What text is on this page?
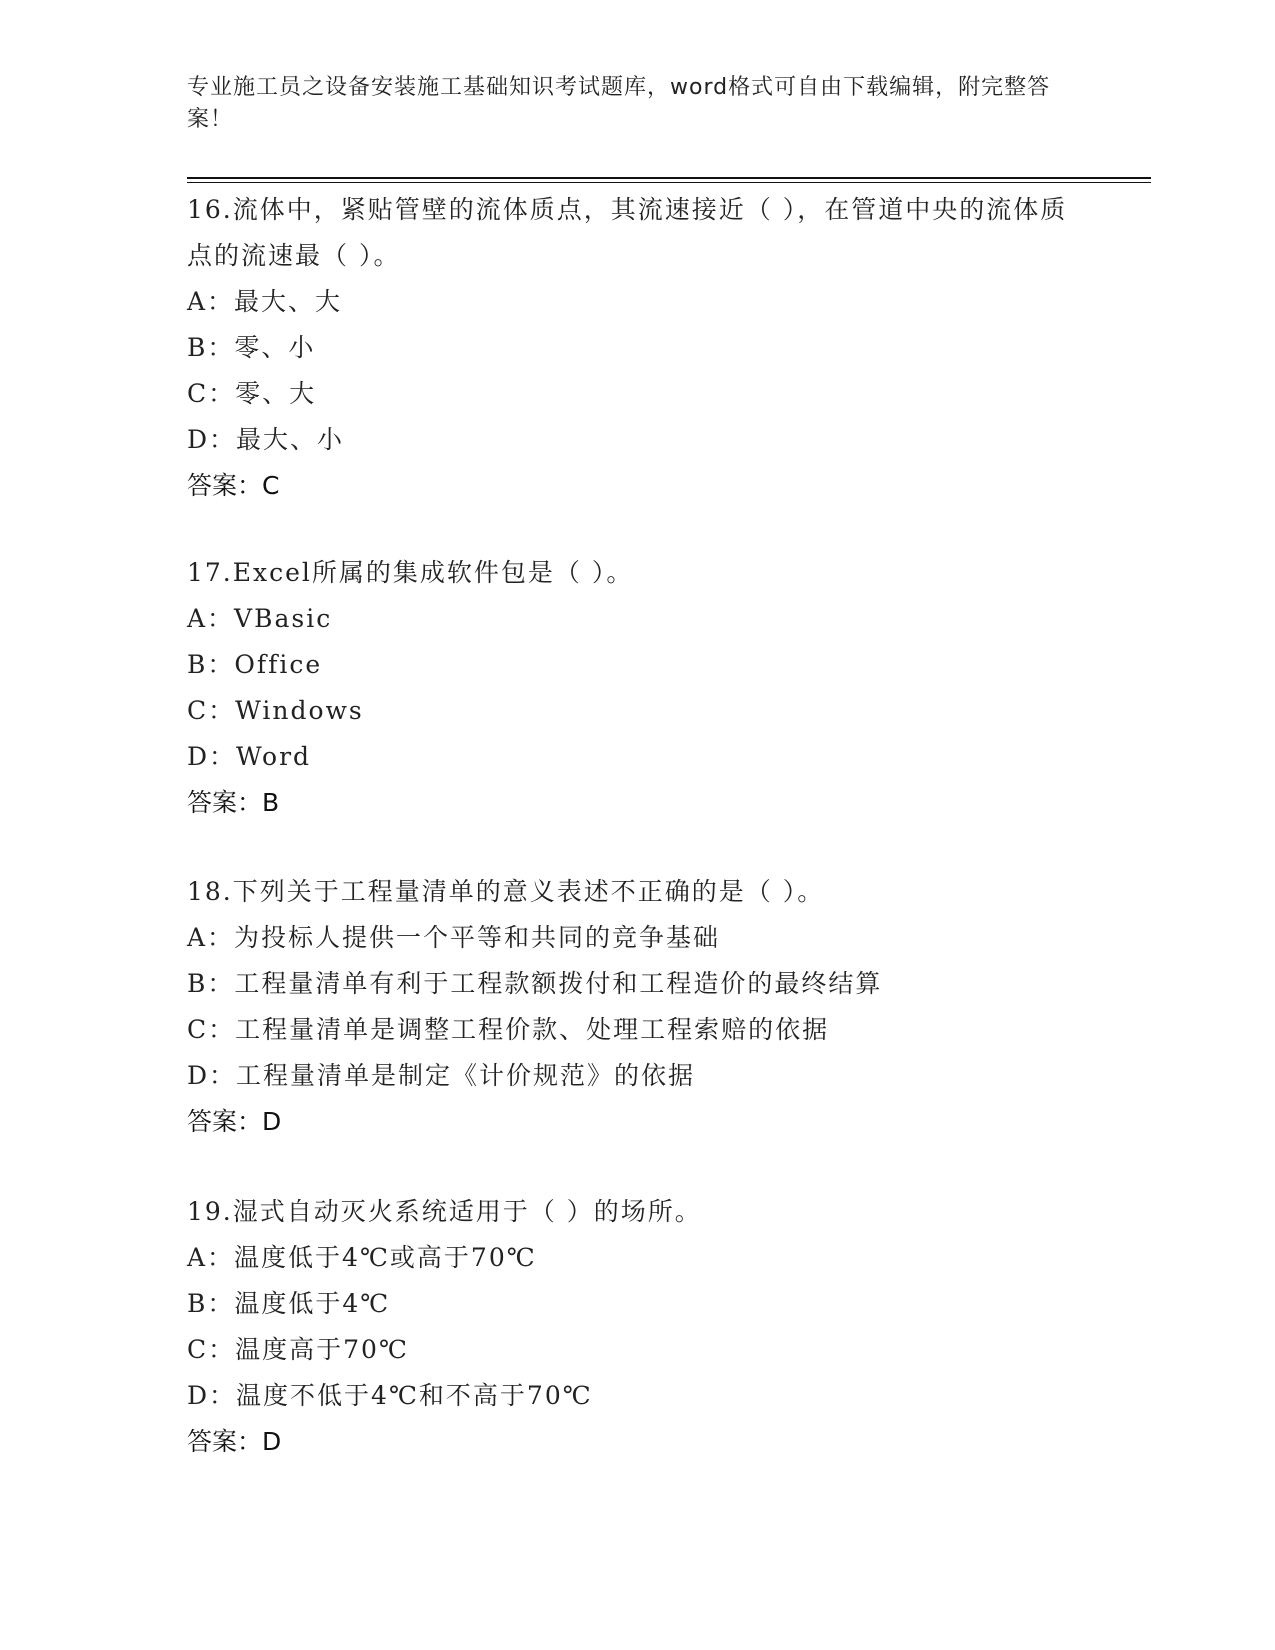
专业施工员之设备安装施工基础知识考试题库，word格式可自由下载编辑，附完整答案！
16.流体中，紧贴管壁的流体质点，其流速接近（ ），在管道中央的流体质点的流速最（ ）。
A：最大、大
B：零、小
C：零、大
D：最大、小
答案：C
17.Excel所属的集成软件包是（ ）。
A：VBasic
B：Office
C：Windows
D：Word
答案：B
18.下列关于工程量清单的意义表述不正确的是（ ）。
A：为投标人提供一个平等和共同的竞争基础
B：工程量清单有利于工程款额拨付和工程造价的最终结算
C：工程量清单是调整工程价款、处理工程索赔的依据
D：工程量清单是制定《计价规范》的依据
答案：D
19.湿式自动灭火系统适用于（ ）的场所。
A：温度低于4℃或高于70℃
B：温度低于4℃
C：温度高于70℃
D：温度不低于4℃和不高于70℃
答案：D
